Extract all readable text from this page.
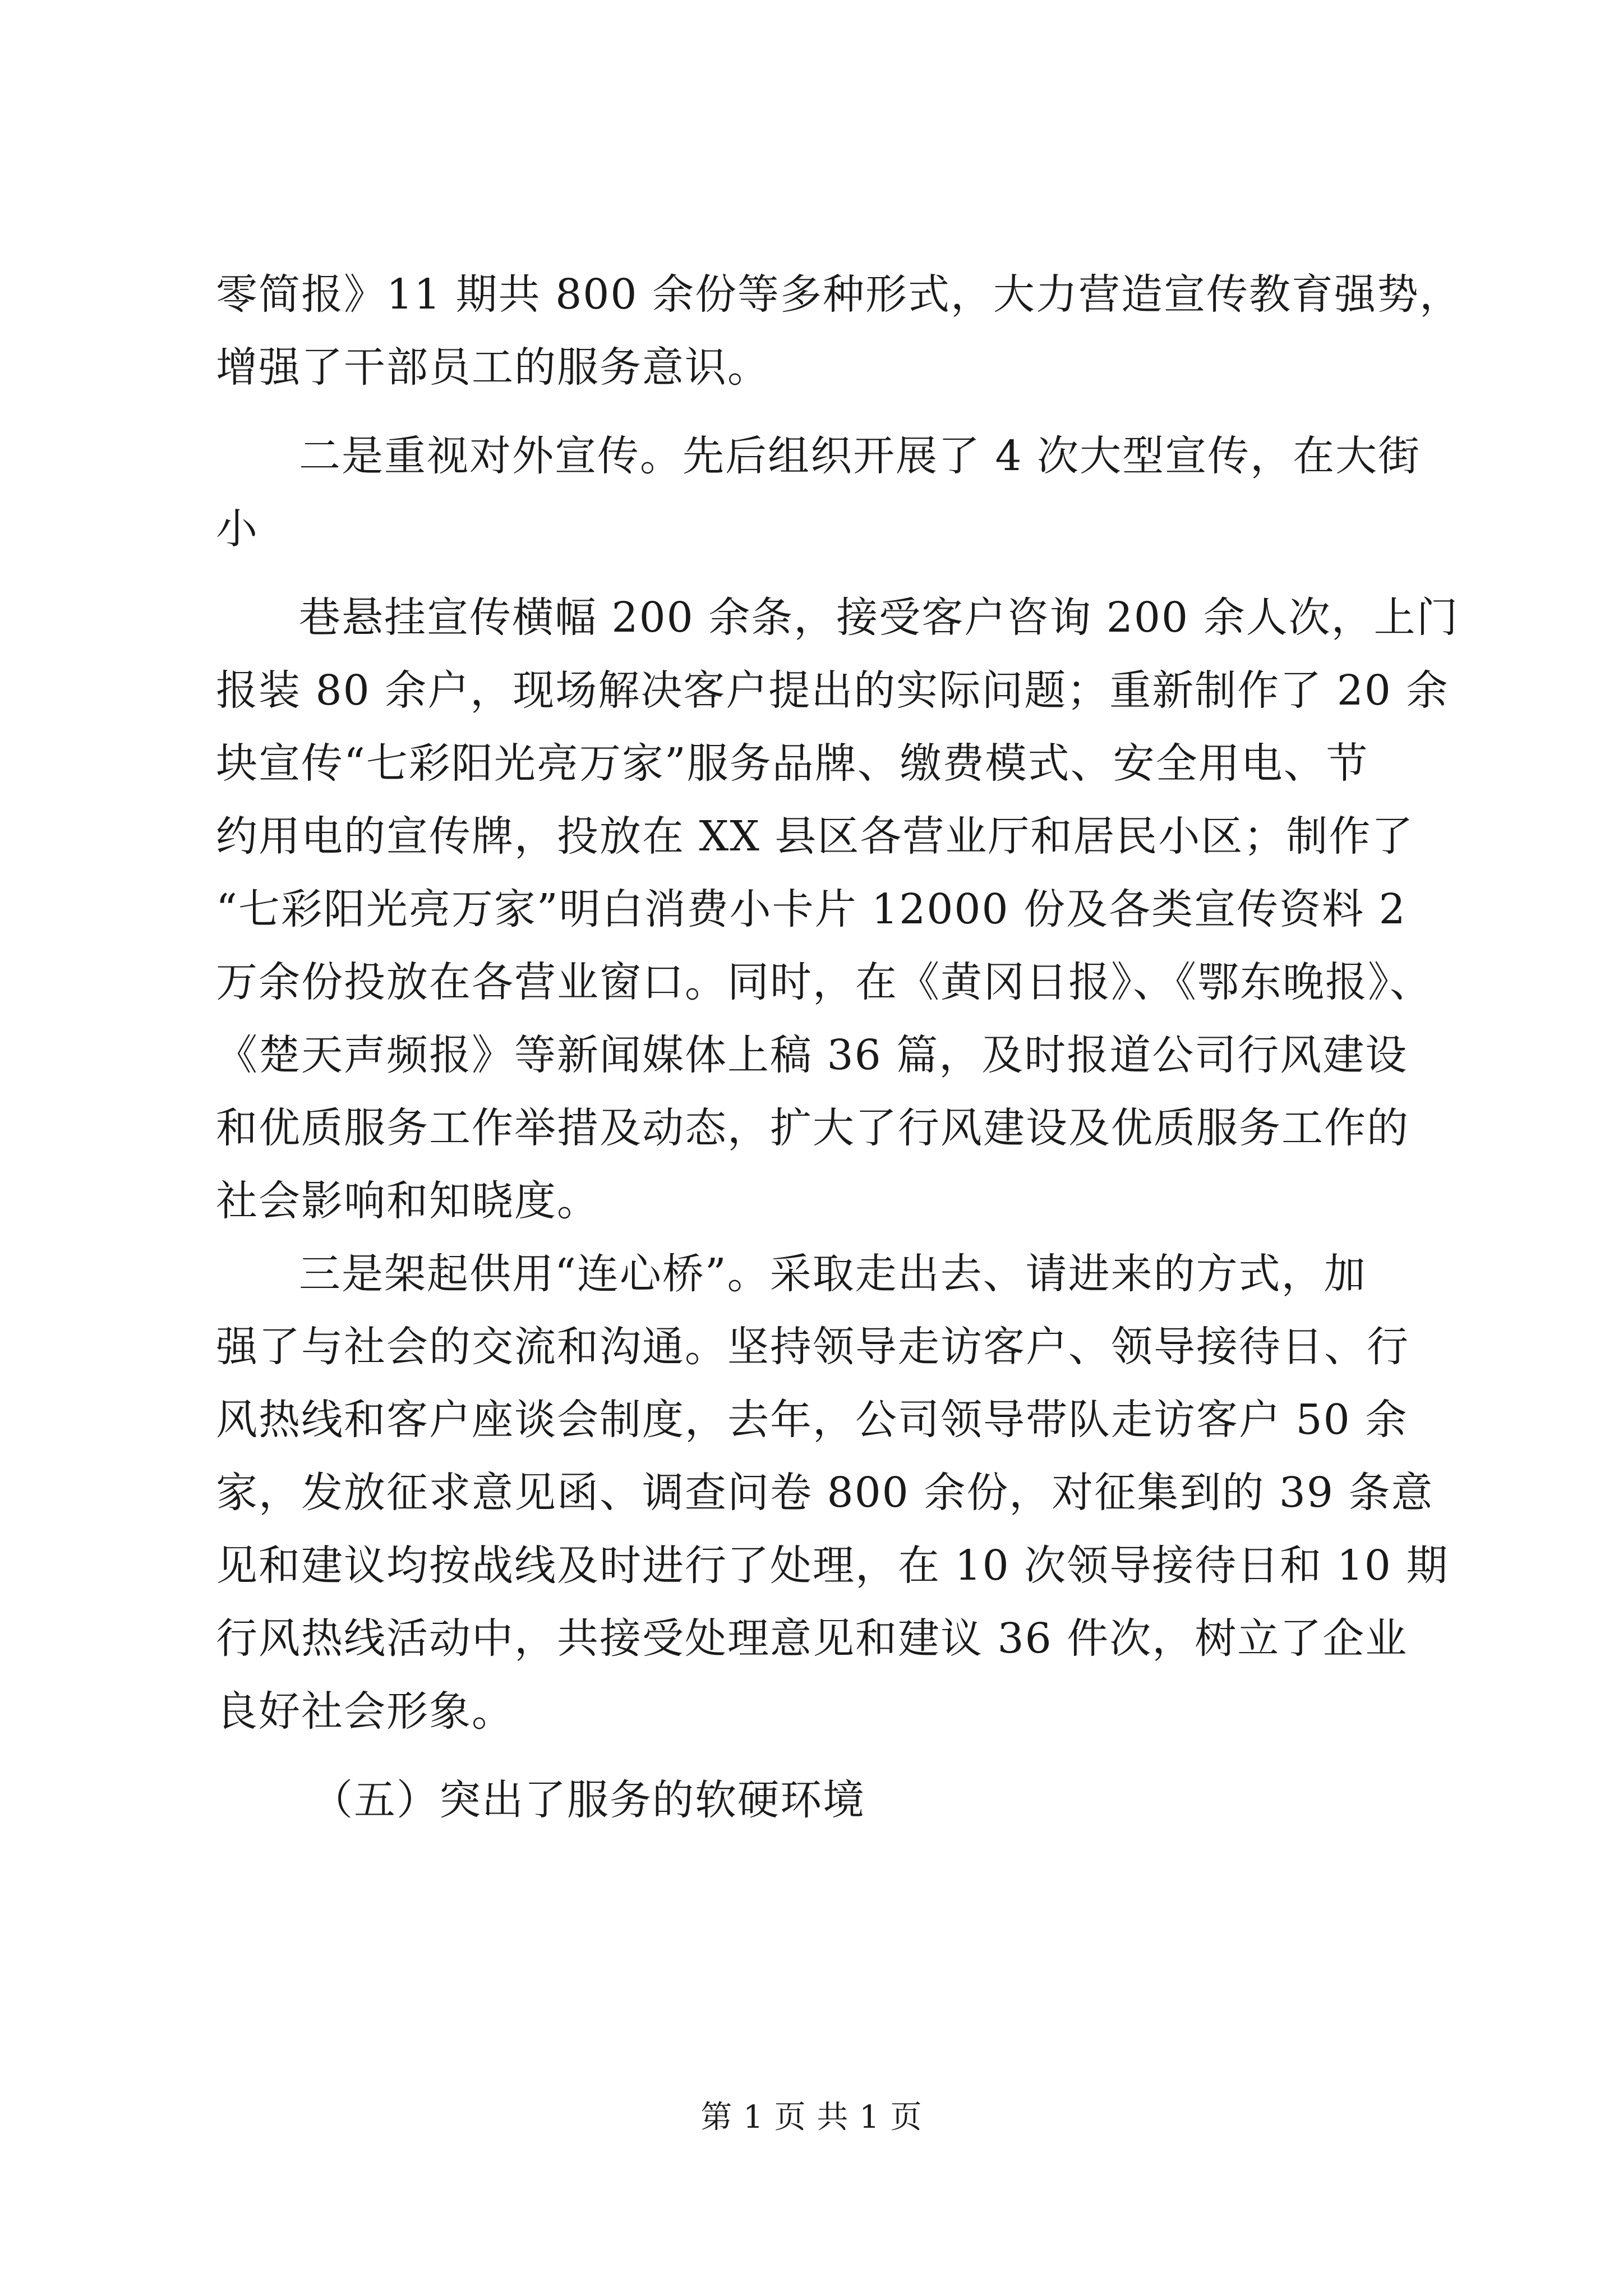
零简报》11 期共 800 余份等多种形式，大力营造宣传教育强势，
增强了干部员工的服务意识。
二是重视对外宣传。先后组织开展了 4 次大型宣传，在大街
小
巷悬挂宣传横幅 200 余条，接受客户咨询 200 余人次，上门
报装 80 余户，现场解决客户提出的实际问题；重新制作了 20 余
块宣传“七彩阳光亮万家”服务品牌、缴费模式、安全用电、节
约用电的宣传牌，投放在 XX 县区各营业厅和居民小区；制作了
“七彩阳光亮万家”明白消费小卡片 12000 份及各类宣传资料 2
万余份投放在各营业窗口。同时，在《黄冈日报》、《鄂东晚报》、
《楚天声频报》等新闻媒体上稿 36 篇，及时报道公司行风建设
和优质服务工作举措及动态，扩大了行风建设及优质服务工作的
社会影响和知晓度。
三是架起供用“连心桥”。采取走出去、请进来的方式，加
强了与社会的交流和沟通。坚持领导走访客户、领导接待日、行
风热线和客户座谈会制度，去年，公司领导带队走访客户 50 余
家，发放征求意见函、调查问卷 800 余份，对征集到的 39 条意
见和建议均按战线及时进行了处理，在 10 次领导接待日和 10 期
行风热线活动中，共接受处理意见和建议 36 件次，树立了企业
良好社会形象。
（五）突出了服务的软硬环境
第 1 页 共 1 页
